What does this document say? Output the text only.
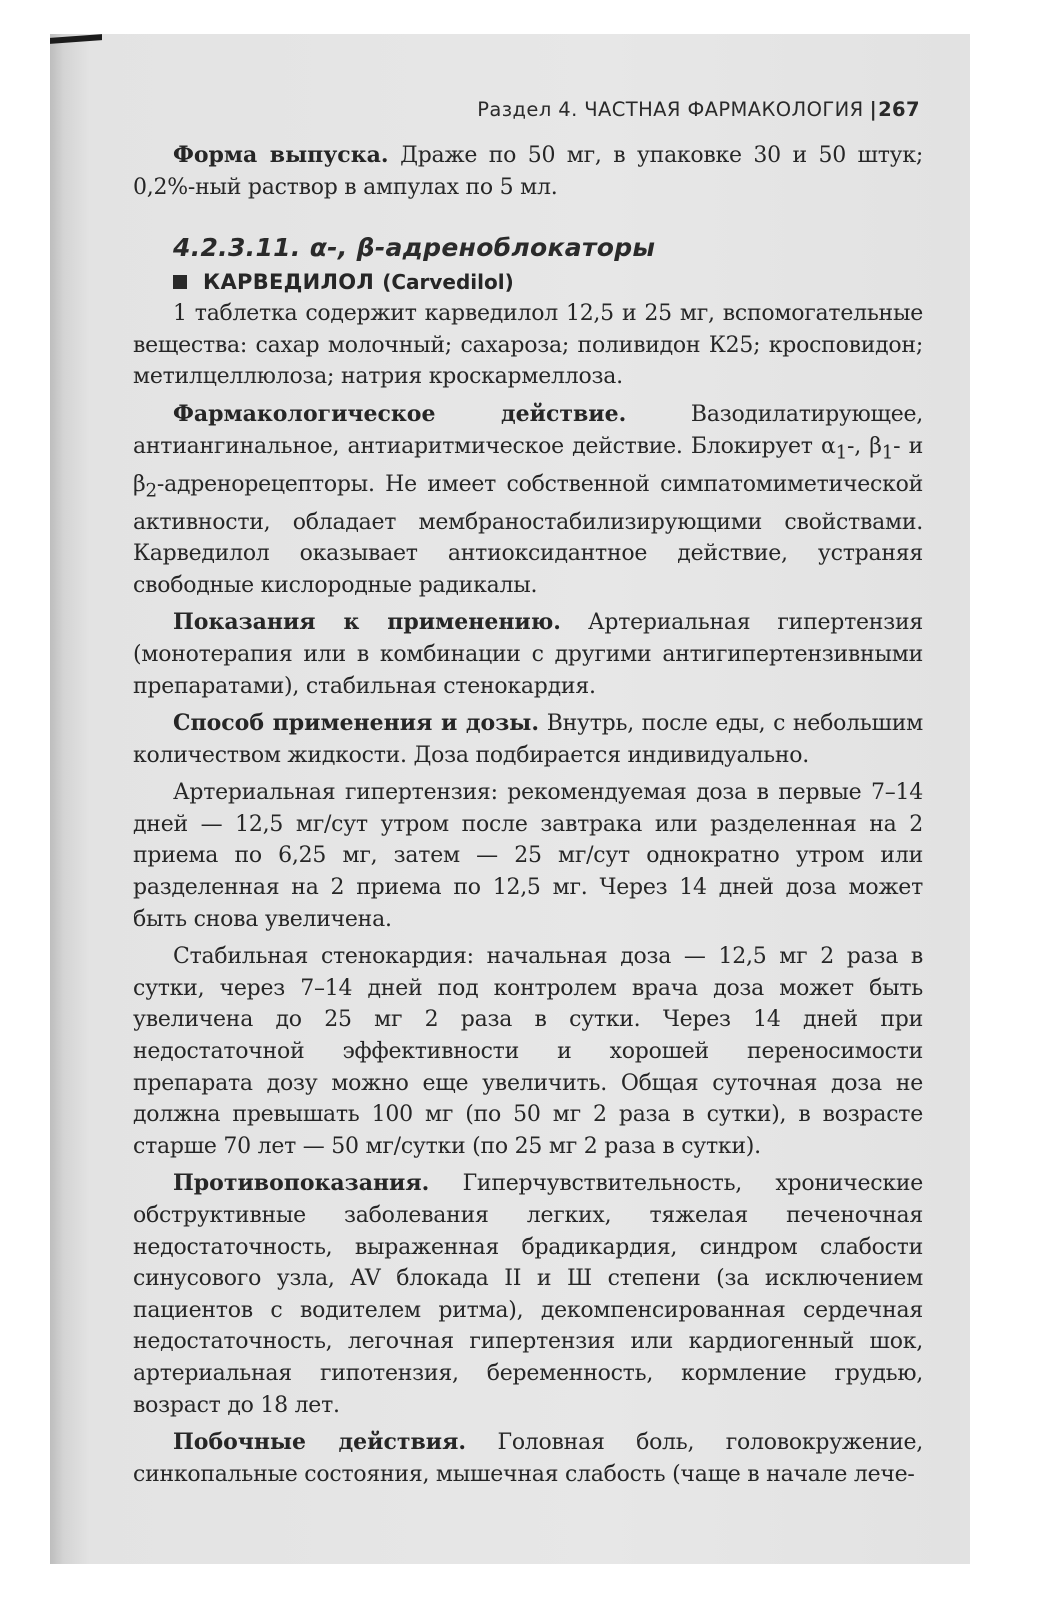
Раздел 4. ЧАСТНАЯ ФАРМАКОЛОГИЯ |267

Форма выпуска. Драже по 50 мг, в упаковке 30 и 50 штук; 0,2%-ный раствор в ампулах по 5 мл.

4.2.3.11. α-, β-адреноблокаторы
КАРВЕДИЛОЛ (Carvedilol)

1 таблетка содержит карведилол 12,5 и 25 мг, вспомогательные вещества: сахар молочный; сахароза; поливидон К25; кросповидон; метилцеллюлоза; натрия кроскармеллоза.

Фармакологическое действие. Вазодилатирующее, антиангинальное, антиаритмическое действие. Блокирует $\alpha_1-$, $\beta_1-$ и $\beta_2$-адренорецепторы. Не имеет собственной симпатомиметической активности, обладает мембраностабилизирующими свойствами. Карведилол оказывает антиоксидантное действие, устраняя свободные кислородные радикалы.

Показания к применению. Артериальная гипертензия (монотерапия или в комбинации с другими антигипертензивными препаратами), стабильная стенокардия.

Способ применения и дозы. Внутрь, после еды, с небольшим количеством жидкости. Доза подбирается индивидуально.

Артериальная гипертензия: рекомендуемая доза в первые 7–14 дней — 12,5 мг/сут утром после завтрака или разделенная на 2 приема по 6,25 мг, затем — 25 мг/сут однократно утром или разделенная на 2 приема по 12,5 мг. Через 14 дней доза может быть снова увеличена.

Стабильная стенокардия: начальная доза — 12,5 мг 2 раза в сутки, через 7–14 дней под контролем врача доза может быть увеличена до 25 мг 2 раза в сутки. Через 14 дней при недостаточной эффективности и хорошей переносимости препарата дозу можно еще увеличить. Общая суточная доза не должна превышать 100 мг (по 50 мг 2 раза в сутки), в возрасте старше 70 лет — 50 мг/сутки (по 25 мг 2 раза в сутки).

Противопоказания. Гиперчувствительность, хронические обструктивные заболевания легких, тяжелая печеночная недостаточность, выраженная брадикардия, синдром слабости синусового узла, AV блокада II и Ш степени (за исключением пациентов с водителем ритма), декомпенсированная сердечная недостаточность, легочная гипертензия или кардиогенный шок, артериальная гипотензия, беременность, кормление грудью, возраст до 18 лет.

Побочные действия. Головная боль, головокружение, синкопальные состояния, мышечная слабость (чаще в начале лече-
